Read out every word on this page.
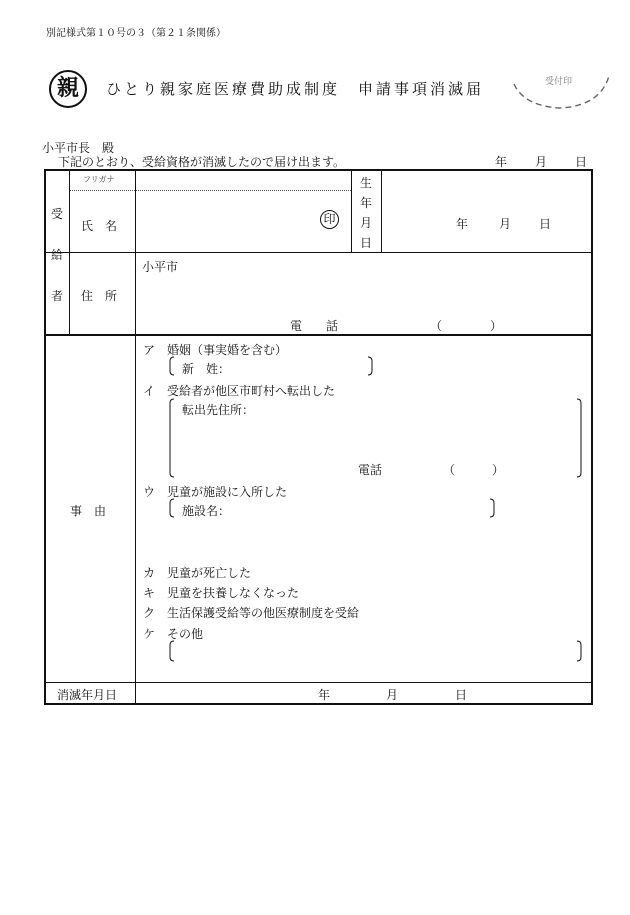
別記様式第１０号の３（第２１条関係）
親	ひとり親家庭医療費助成制度　申請事項消滅届	受付印
小平市長　殿
下記のとおり、受給資格が消滅したので届け出ます。	年 月 日
受
給
者
フリガナ
氏　名	印
生
年
月
日
年	月 日
住　所
小平市
電　　話	（	）
事　由
ア　婚姻（事実婚を含む）
新　姓：
イ　受給者が他区市町村へ転出した
転出先住所：
電話	（	）
ウ　児童が施設に入所した
施設名：
カ　児童が死亡した
キ　児童を扶養しなくなった
ク　生活保護受給等の他医療制度を受給
ケ　その他
消滅年月日	年	月	日
